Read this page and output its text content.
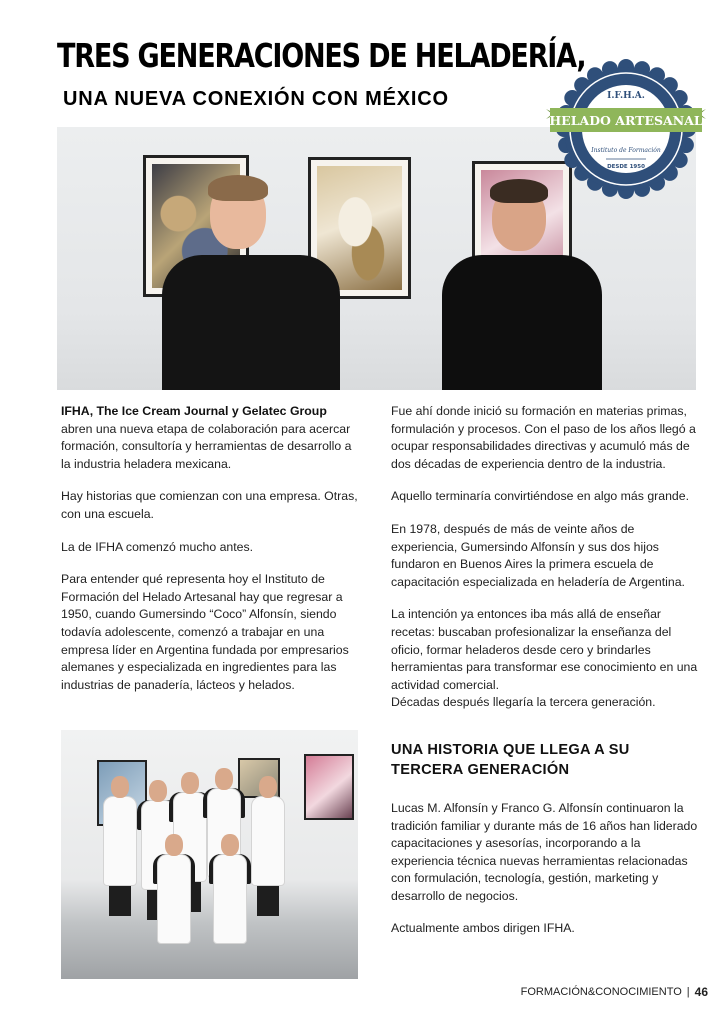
TRES GENERACIONES DE HELADERÍA,
UNA NUEVA CONEXIÓN CON MÉXICO	I.F.H.A.
HELADO ARTESANAL
Instituto de Formación
DESDE 1950

IFHA, The Ice Cream Journal y Gelatec Group abren una nueva etapa de colaboración para acercar formación, consultoría y herramientas de desarrollo a la industria heladera mexicana.

Hay historias que comienzan con una empresa. Otras, con una escuela.

La de IFHA comenzó mucho antes.

Para entender qué representa hoy el Instituto de Formación del Helado Artesanal hay que regresar a 1950, cuando Gumersindo “Coco” Alfonsín, siendo todavía adolescente, comenzó a trabajar en una empresa líder en Argentina fundada por empresarios alemanes y especializada en ingredientes para las industrias de panadería, lácteos y helados.

Fue ahí donde inició su formación en materias primas, formulación y procesos. Con el paso de los años llegó a ocupar responsabilidades directivas y acumuló más de dos décadas de experiencia dentro de la industria.

Aquello terminaría convirtiéndose en algo más grande.

En 1978, después de más de veinte años de experiencia, Gumersindo Alfonsín y sus dos hijos fundaron en Buenos Aires la primera escuela de capacitación especializada en heladería de Argentina.

La intención ya entonces iba más allá de enseñar recetas: buscaban profesionalizar la enseñanza del oficio, formar heladeros desde cero y brindarles herramientas para transformar ese conocimiento en una actividad comercial.

Décadas después llegaría la tercera generación.

UNA HISTORIA QUE LLEGA A SU TERCERA GENERACIÓN

Lucas M. Alfonsín y Franco G. Alfonsín continuaron la tradición familiar y durante más de 16 años han liderado capacitaciones y asesorías, incorporando a la experiencia técnica nuevas herramientas relacionadas con formulación, tecnología, gestión, marketing y desarrollo de negocios.

Actualmente ambos dirigen IFHA.

FORMACIÓN&CONOCIMIENTO | 46
